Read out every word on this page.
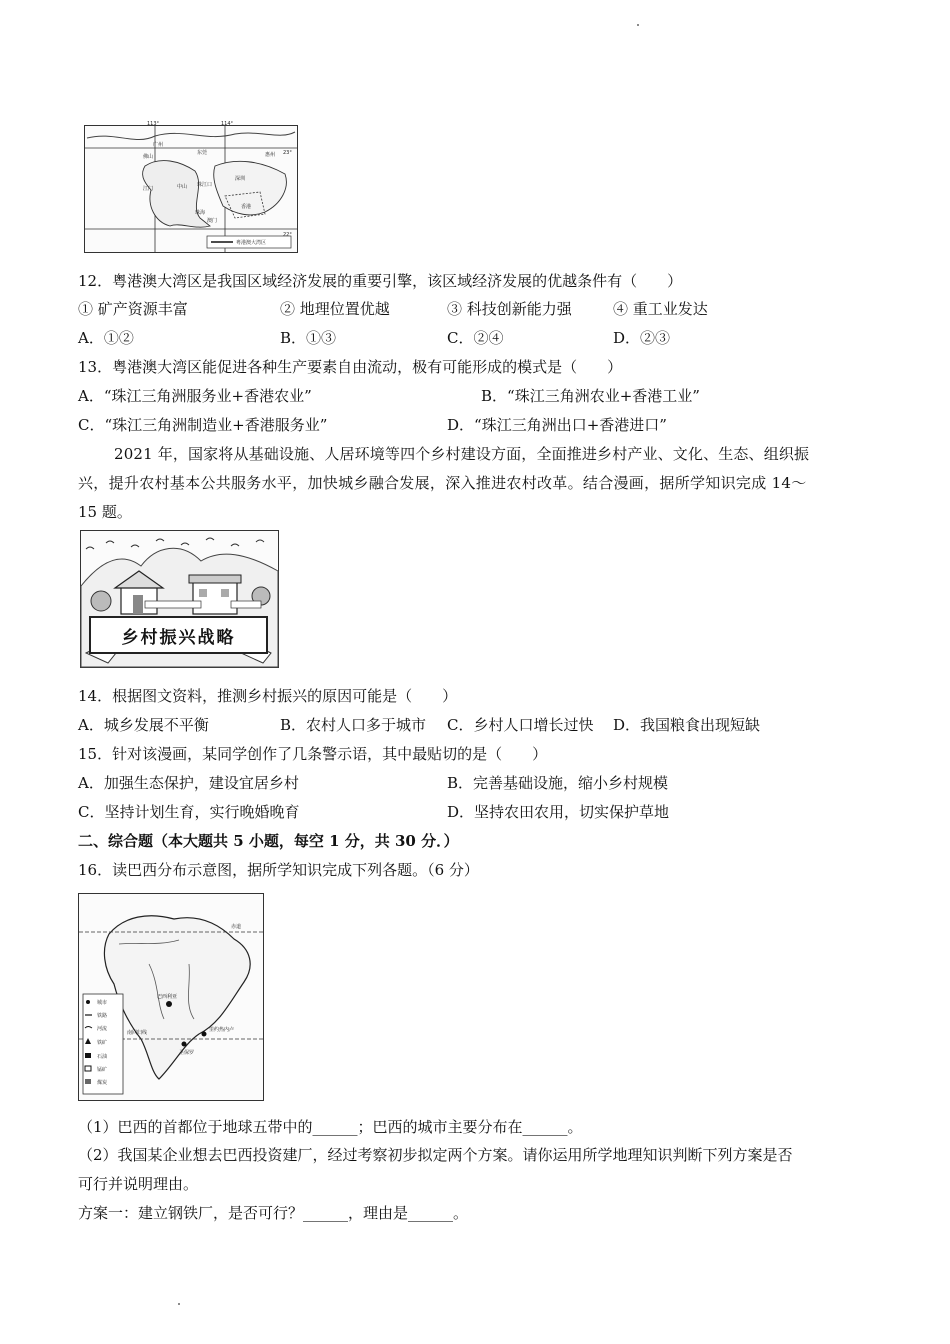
113°	114°
23°
22°
广州
东莞	惠州
佛山
江门	中山 珠江口
深圳
珠海
香港
澳门
粤港澳大湾区
12．粤港澳大湾区是我国区域经济发展的重要引擎，该区域经济发展的优越条件有（　　）
① 矿产资源丰富	② 地理位置优越	③ 科技创新能力强	④ 重工业发达
A．①②	B．①③	C．②④	D．②③
13．粤港澳大湾区能促进各种生产要素自由流动，极有可能形成的模式是（　　）
A．“珠江三角洲服务业+香港农业”	B．“珠江三角洲农业+香港工业”
C．“珠江三角洲制造业+香港服务业”	D．“珠江三角洲出口+香港进口”
2021 年，国家将从基础设施、人居环境等四个乡村建设方面，全面推进乡村产业、文化、生态、组织振
兴，提升农村基本公共服务水平，加快城乡融合发展，深入推进农村改革。结合漫画，据所学知识完成 14～
15 题。
乡村振兴战略
14．根据图文资料，推测乡村振兴的原因可能是（　　）
A．城乡发展不平衡	B．农村人口多于城市 C．乡村人口增长过快 D．我国粮食出现短缺
15．针对该漫画，某同学创作了几条警示语，其中最贴切的是（　　）
A．加强生态保护，建设宜居乡村	B．完善基础设施，缩小乡村规模
C．坚持计划生育，实行晚婚晚育	D．坚持农田农用，切实保护草地
二、综合题（本大题共 5 小题，每空 1 分，共 30 分．）
16．读巴西分布示意图，据所学知识完成下列各题。（6 分）
赤道
巴西利亚
南回归线	里约热内卢
圣保罗
城市
铁路
河流
铁矿
石油
锰矿
煤炭
（1）巴西的首都位于地球五带中的______；巴西的城市主要分布在______。
（2）我国某企业想去巴西投资建厂，经过考察初步拟定两个方案。请你运用所学地理知识判断下列方案是否
可行并说明理由。
方案一：建立钢铁厂，是否可行？______，理由是______。
